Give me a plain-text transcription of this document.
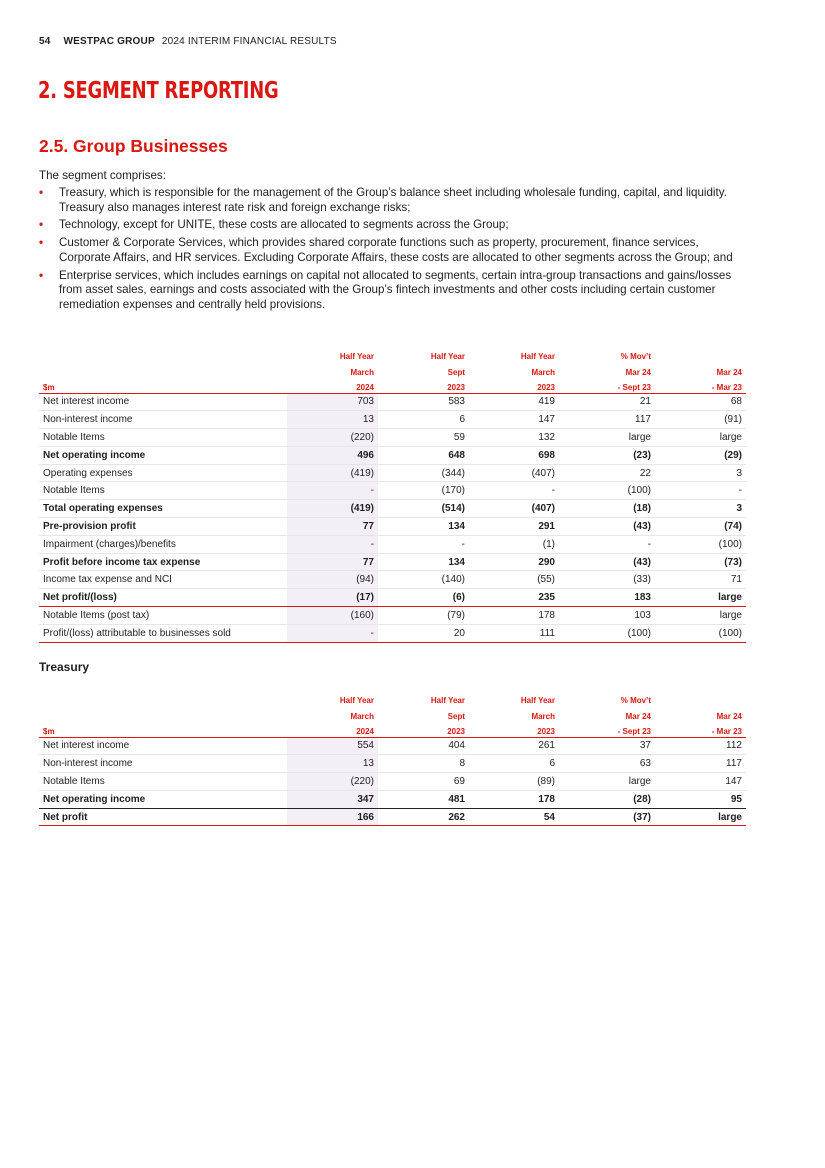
54 WESTPAC GROUP 2024 INTERIM FINANCIAL RESULTS
2. SEGMENT REPORTING
2.5. Group Businesses
The segment comprises:
• Treasury, which is responsible for the management of the Group’s balance sheet including wholesale funding, capital, and liquidity. Treasury also manages interest rate risk and foreign exchange risks;
• Technology, except for UNITE, these costs are allocated to segments across the Group;
• Customer & Corporate Services, which provides shared corporate functions such as property, procurement, finance services, Corporate Affairs, and HR services. Excluding Corporate Affairs, these costs are allocated to other segments across the Group; and
• Enterprise services, which includes earnings on capital not allocated to segments, certain intra-group transactions and gains/losses from asset sales, earnings and costs associated with the Group’s fintech investments and other costs including certain customer remediation expenses and centrally held provisions.
	Half Year	Half Year	Half Year	% Mov’t	
	March	Sept	March	Mar 24	Mar 24
$m	2024	2023	2023	- Sept 23	- Mar 23
Net interest income	703	583	419	21	68
Non-interest income	13	6	147	117	(91)
Notable Items	(220)	59	132	large	large
Net operating income	496	648	698	(23)	(29)
Operating expenses	(419)	(344)	(407)	22	3
Notable Items	-	(170)	-	(100)	-
Total operating expenses	(419)	(514)	(407)	(18)	3
Pre-provision profit	77	134	291	(43)	(74)
Impairment (charges)/benefits	-	-	(1)	-	(100)
Profit before income tax expense	77	134	290	(43)	(73)
Income tax expense and NCI	(94)	(140)	(55)	(33)	71
Net profit/(loss)	(17)	(6)	235	183	large
Notable Items (post tax)	(160)	(79)	178	103	large
Profit/(loss) attributable to businesses sold	-	20	111	(100)	(100)
Treasury
	Half Year	Half Year	Half Year	% Mov’t	
	March	Sept	March	Mar 24	Mar 24
$m	2024	2023	2023	- Sept 23	- Mar 23
Net interest income	554	404	261	37	112
Non-interest income	13	8	6	63	117
Notable Items	(220)	69	(89)	large	147
Net operating income	347	481	178	(28)	95
Net profit	166	262	54	(37)	large
